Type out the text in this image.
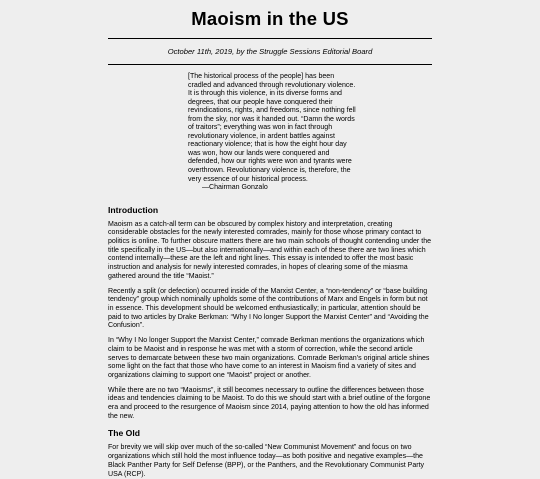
Maoism in the US
October 11th, 2019, by the Struggle Sessions Editorial Board
[The historical process of the people] has been cradled and advanced through revolutionary violence. It is through this violence, in its diverse forms and degrees, that our people have conquered their revindications, rights, and freedoms, since nothing fell from the sky, nor was it handed out. “Damn the words of traitors”; everything was won in fact through revolutionary violence, in ardent battles against reactionary violence; that is how the eight hour day was won, how our lands were conquered and defended, how our rights were won and tyrants were overthrown. Revolutionary violence is, therefore, the very essence of our historical process.
—Chairman Gonzalo
Introduction

Maoism as a catch-all term can be obscured by complex history and interpretation, creating considerable obstacles for the newly interested comrades, mainly for those whose primary contact to politics is online. To further obscure matters there are two main schools of thought contending under the title specifically in the US—but also internationally—and within each of these there are two lines which contend internally—these are the left and right lines. This essay is intended to offer the most basic instruction and analysis for newly interested comrades, in hopes of clearing some of the miasma gathered around the title “Maoist.”

Recently a split (or defection) occurred inside of the Marxist Center, a “non-tendency” or “base building tendency” group which nominally upholds some of the contributions of Marx and Engels in form but not in essence. This development should be welcomed enthusiastically; in particular, attention should be paid to two articles by Drake Berkman: “Why I No longer Support the Marxist Center” and “Avoiding the Confusion”.

In “Why I No longer Support the Marxist Center,” comrade Berkman mentions the organizations which claim to be Maoist and in response he was met with a storm of correction, while the second article serves to demarcate between these two main organizations. Comrade Berkman’s original article shines some light on the fact that those who have come to an interest in Maoism find a variety of sites and organizations claiming to support one “Maoist” project or another.

While there are no two “Maoisms”, it still becomes necessary to outline the differences between those ideas and tendencies claiming to be Maoist. To do this we should start with a brief outline of the forgone era and proceed to the resurgence of Maoism since 2014, paying attention to how the old has informed the new.

The Old

For brevity we will skip over much of the so-called “New Communist Movement” and focus on two organizations which still hold the most influence today—as both positive and negative examples—the Black Panther Party for Self Defense (BPP), or the Panthers, and the Revolutionary Communist Party USA (RCP).
